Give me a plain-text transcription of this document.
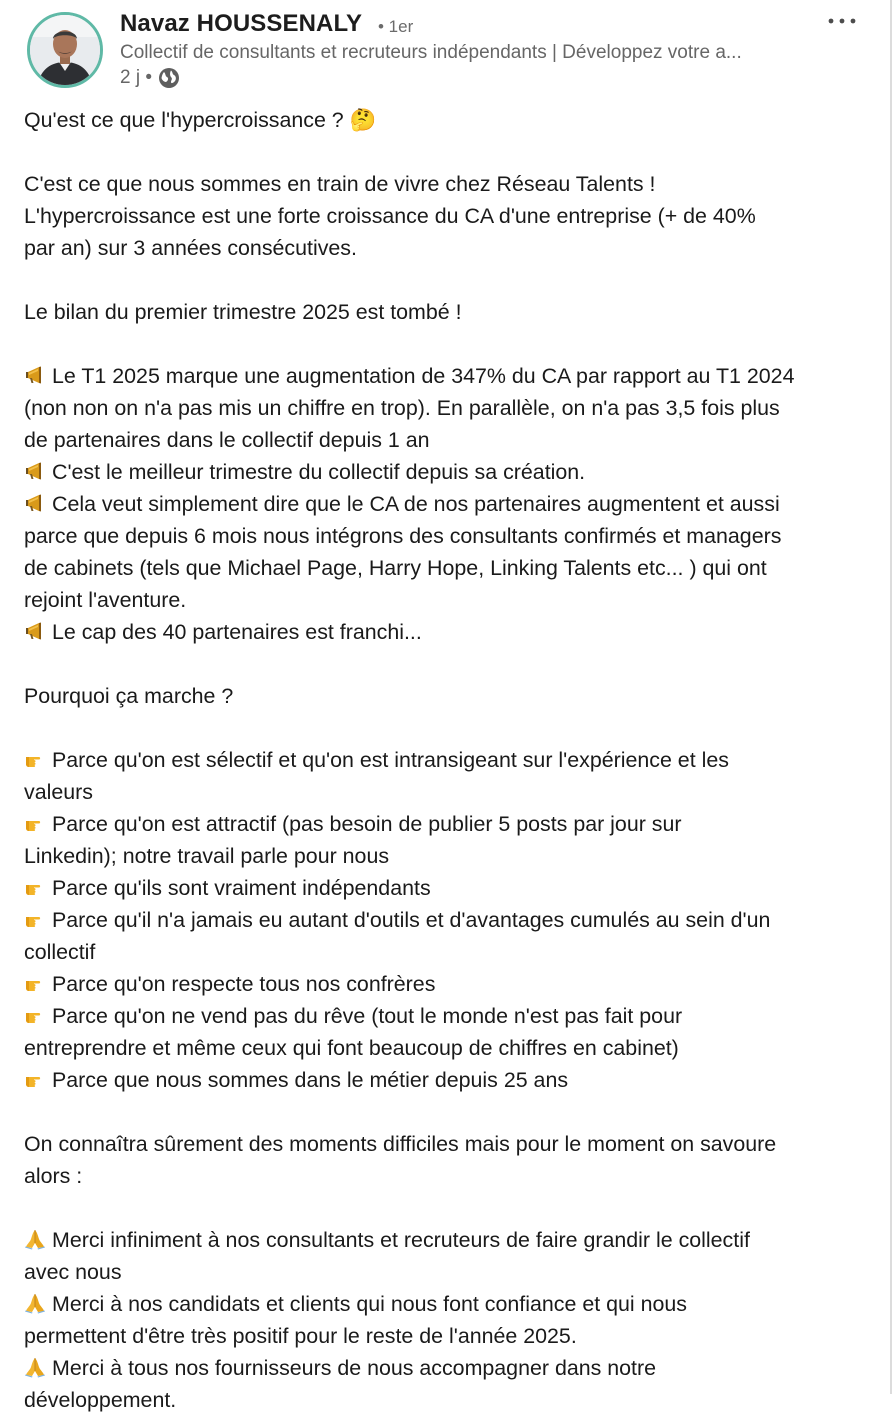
Navaz HOUSSENALY • 1er
Collectif de consultants et recruteurs indépendants | Développez votre a...
2 j •
Qu'est ce que l'hypercroissance ? 🤔
C'est ce que nous sommes en train de vivre chez Réseau Talents !
L'hypercroissance est une forte croissance du CA d'une entreprise (+ de 40%
par an) sur 3 années consécutives.
Le bilan du premier trimestre 2025 est tombé !
Le T1 2025 marque une augmentation de 347% du CA par rapport au T1 2024
(non non on n'a pas mis un chiffre en trop). En parallèle, on n'a pas 3,5 fois plus
de partenaires dans le collectif depuis 1 an
C'est le meilleur trimestre du collectif depuis sa création.
Cela veut simplement dire que le CA de nos partenaires augmentent et aussi
parce que depuis 6 mois nous intégrons des consultants confirmés et managers
de cabinets (tels que Michael Page, Harry Hope, Linking Talents etc... ) qui ont
rejoint l'aventure.
Le cap des 40 partenaires est franchi...
Pourquoi ça marche ?
Parce qu'on est sélectif et qu'on est intransigeant sur l'expérience et les
valeurs
Parce qu'on est attractif (pas besoin de publier 5 posts par jour sur
Linkedin); notre travail parle pour nous
Parce qu'ils sont vraiment indépendants
Parce qu'il n'a jamais eu autant d'outils et d'avantages cumulés au sein d'un
collectif
Parce qu'on respecte tous nos confrères
Parce qu'on ne vend pas du rêve (tout le monde n'est pas fait pour
entreprendre et même ceux qui font beaucoup de chiffres en cabinet)
Parce que nous sommes dans le métier depuis 25 ans
On connaîtra sûrement des moments difficiles mais pour le moment on savoure
alors :
Merci infiniment à nos consultants et recruteurs de faire grandir le collectif
avec nous
Merci à nos candidats et clients qui nous font confiance et qui nous
permettent d'être très positif pour le reste de l'année 2025.
Merci à tous nos fournisseurs de nous accompagner dans notre
développement.
